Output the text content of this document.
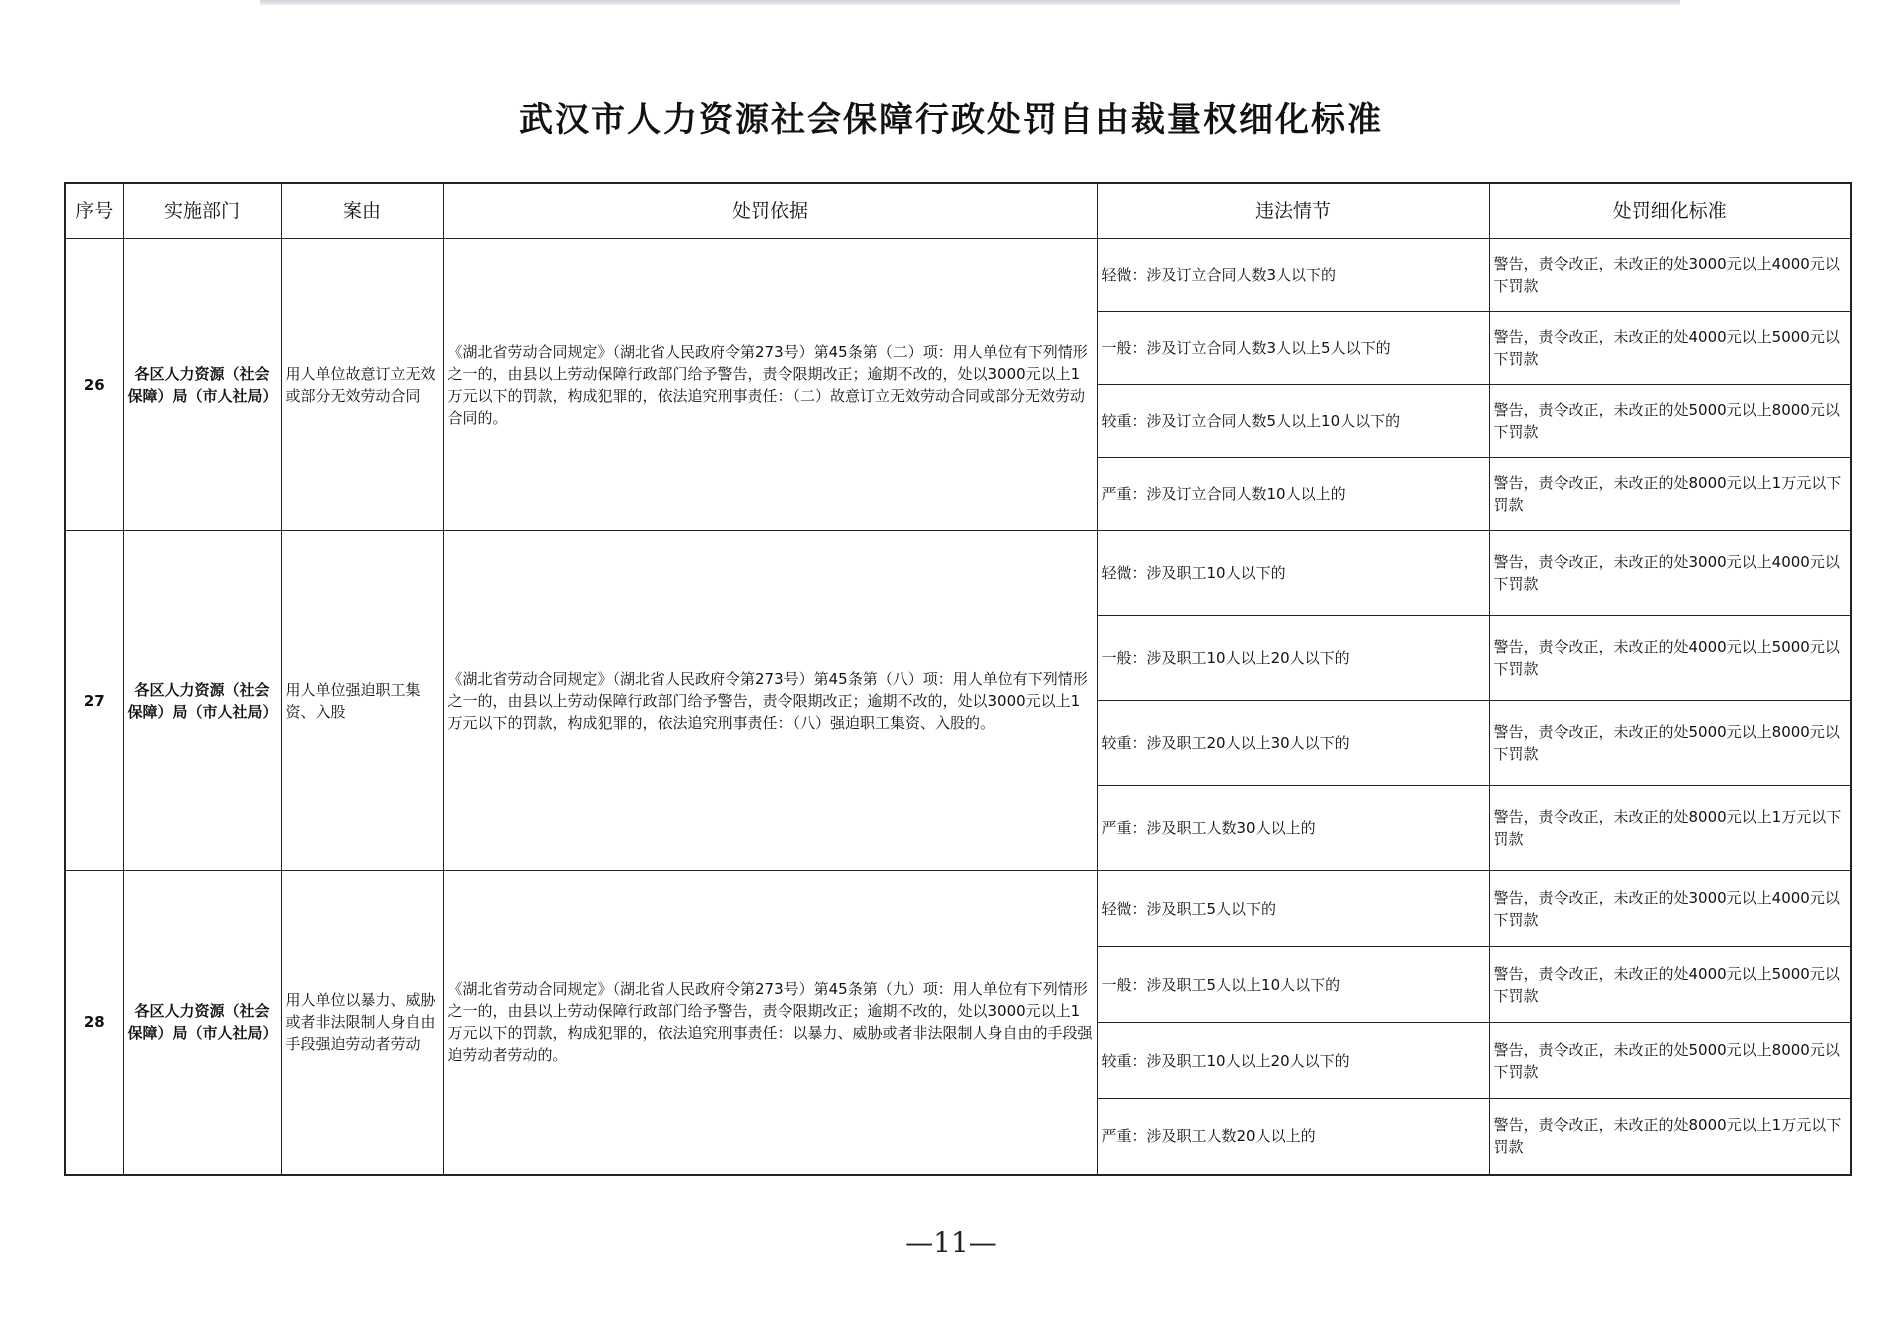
武汉市人力资源社会保障行政处罚自由裁量权细化标准
序号	实施部门	案由	处罚依据	违法情节	处罚细化标准
26	各区人力资源（社会保障）局（市人社局）	用人单位故意订立无效或部分无效劳动合同	《湖北省劳动合同规定》（湖北省人民政府令第273号）第45条第（二）项：用人单位有下列情形之一的，由县以上劳动保障行政部门给予警告，责令限期改正；逾期不改的，处以3000元以上1万元以下的罚款，构成犯罪的，依法追究刑事责任：（二）故意订立无效劳动合同或部分无效劳动合同的。	轻微：涉及订立合同人数3人以下的	警告，责令改正，未改正的处3000元以上4000元以下罚款
				一般：涉及订立合同人数3人以上5人以下的	警告，责令改正，未改正的处4000元以上5000元以下罚款
				较重：涉及订立合同人数5人以上10人以下的	警告，责令改正，未改正的处5000元以上8000元以下罚款
				严重：涉及订立合同人数10人以上的	警告，责令改正，未改正的处8000元以上1万元以下罚款
27	各区人力资源（社会保障）局（市人社局）	用人单位强迫职工集资、入股	《湖北省劳动合同规定》（湖北省人民政府令第273号）第45条第（八）项：用人单位有下列情形之一的，由县以上劳动保障行政部门给予警告，责令限期改正；逾期不改的，处以3000元以上1万元以下的罚款，构成犯罪的，依法追究刑事责任：（八）强迫职工集资、入股的。	轻微：涉及职工10人以下的	警告，责令改正，未改正的处3000元以上4000元以下罚款
				一般：涉及职工10人以上20人以下的	警告，责令改正，未改正的处4000元以上5000元以下罚款
				较重：涉及职工20人以上30人以下的	警告，责令改正，未改正的处5000元以上8000元以下罚款
				严重：涉及职工人数30人以上的	警告，责令改正，未改正的处8000元以上1万元以下罚款
28	各区人力资源（社会保障）局（市人社局）	用人单位以暴力、威胁或者非法限制人身自由手段强迫劳动者劳动	《湖北省劳动合同规定》（湖北省人民政府令第273号）第45条第（九）项：用人单位有下列情形之一的，由县以上劳动保障行政部门给予警告，责令限期改正；逾期不改的，处以3000元以上1万元以下的罚款，构成犯罪的，依法追究刑事责任：以暴力、威胁或者非法限制人身自由的手段强迫劳动者劳动的。	轻微：涉及职工5人以下的	警告，责令改正，未改正的处3000元以上4000元以下罚款
				一般：涉及职工5人以上10人以下的	警告，责令改正，未改正的处4000元以上5000元以下罚款
				较重：涉及职工10人以上20人以下的	警告，责令改正，未改正的处5000元以上8000元以下罚款
				严重：涉及职工人数20人以上的	警告，责令改正，未改正的处8000元以上1万元以下罚款
—11—
